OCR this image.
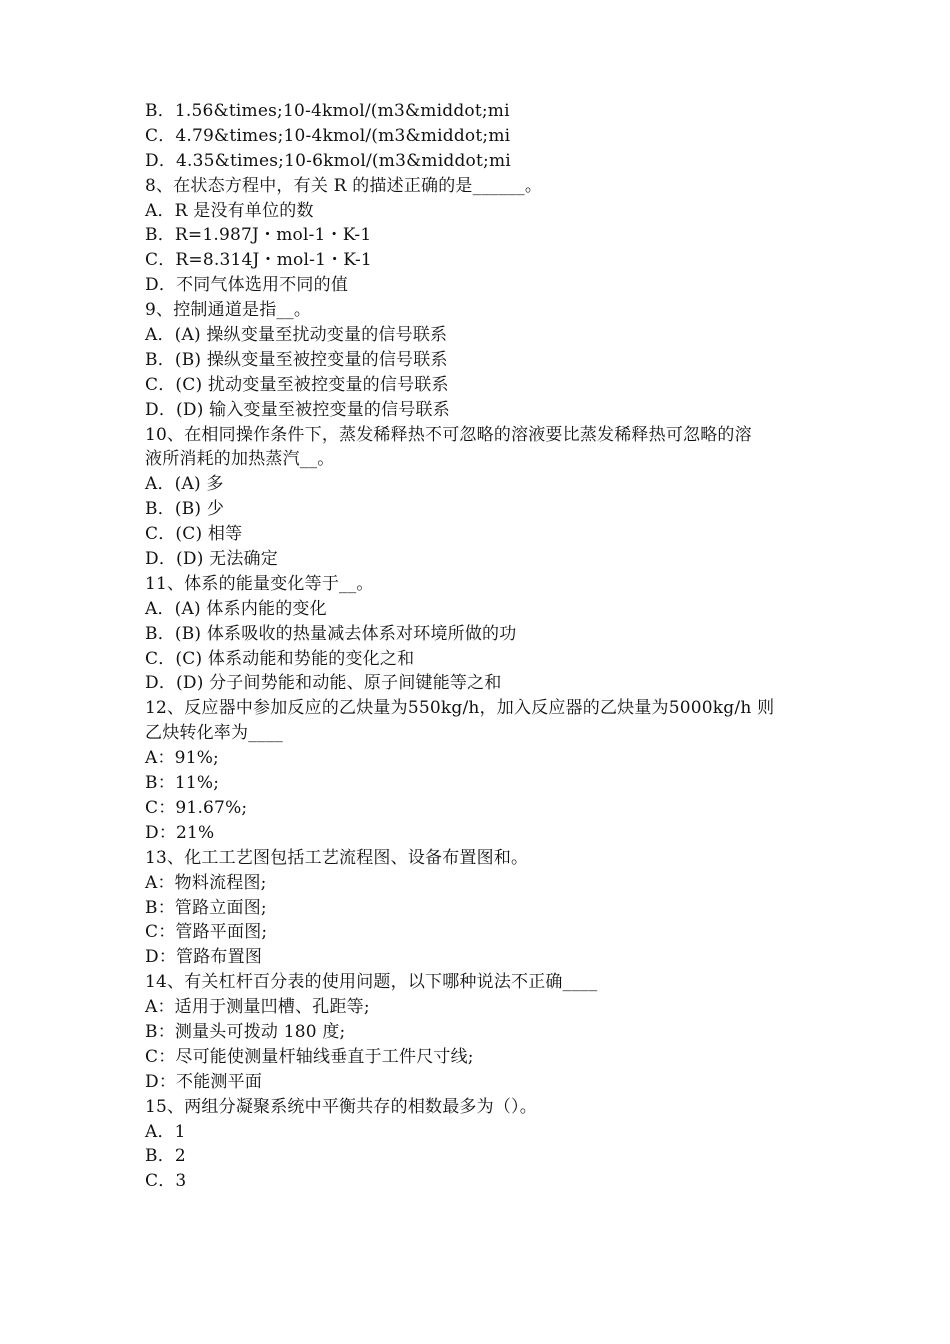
B．1.56&times;10-4kmol/(m3&middot;mi
C．4.79&times;10-4kmol/(m3&middot;mi
D．4.35&times;10-6kmol/(m3&middot;mi
8、在状态方程中，有关 R 的描述正确的是______。
A．R 是没有单位的数
B．R=1.987J・mol-1・K-1
C．R=8.314J・mol-1・K-1
D．不同气体选用不同的值
9、控制通道是指__。
A．(A) 操纵变量至扰动变量的信号联系
B．(B) 操纵变量至被控变量的信号联系
C．(C) 扰动变量至被控变量的信号联系
D．(D) 输入变量至被控变量的信号联系
10、在相同操作条件下，蒸发稀释热不可忽略的溶液要比蒸发稀释热可忽略的溶
液所消耗的加热蒸汽__。
A．(A) 多
B．(B) 少
C．(C) 相等
D．(D) 无法确定
11、体系的能量变化等于__。
A．(A) 体系内能的变化
B．(B) 体系吸收的热量减去体系对环境所做的功
C．(C) 体系动能和势能的变化之和
D．(D) 分子间势能和动能、原子间键能等之和
12、反应器中参加反应的乙炔量为550kg/h，加入反应器的乙炔量为5000kg/h 则
乙炔转化率为____
A：91%;
B：11%;
C：91.67%;
D：21%
13、化工工艺图包括工艺流程图、设备布置图和。
A：物料流程图;
B：管路立面图;
C：管路平面图;
D：管路布置图
14、有关杠杆百分表的使用问题，以下哪种说法不正确____
A：适用于测量凹槽、孔距等;
B：测量头可拨动 180 度;
C：尽可能使测量杆轴线垂直于工件尺寸线;
D：不能测平面
15、两组分凝聚系统中平衡共存的相数最多为（）。
A．1
B．2
C．3
